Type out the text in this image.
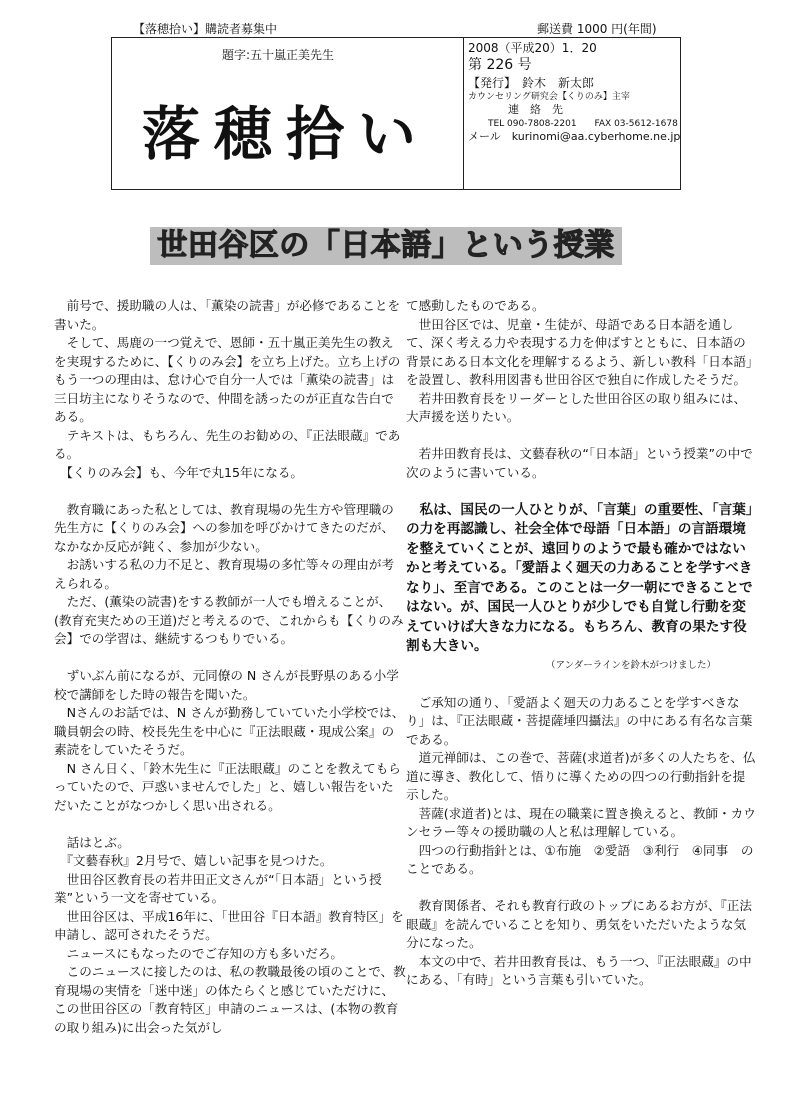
【落穂拾い】購読者募集中	郵送費 1000 円(年間)
題字:五十嵐正美先生
落穂拾い
2008（平成20）1．20
第 226 号
【発行】　鈴木　新太郎
カウンセリング研究会【くりのみ】主宰
連　絡　先
TEL 090-7808-2201　　FAX 03-5612-1678
メール　kurinomi@aa.cyberhome.ne.jp
世田谷区の「日本語」という授業

　前号で、援助職の人は、「薫染の読書」が必修であることを書いた。

　そして、馬鹿の一つ覚えで、恩師・五十嵐正美先生の教えを実現するために、【くりのみ会】を立ち上げた。立ち上げのもう一つの理由は、怠け心で自分一人では「薫染の読書」は三日坊主になりそうなので、仲間を誘ったのが正直な告白である。

　テキストは、もちろん、先生のお勧めの、『正法眼蔵』である。

　【くりのみ会】も、今年で丸15年になる。

　教育職にあった私としては、教育現場の先生方や管理職の先生方に【くりのみ会】への参加を呼びかけてきたのだが、なかなか反応が鈍く、参加が少ない。

　お誘いする私の力不足と、教育現場の多忙等々の理由が考えられる。

　ただ、(薫染の読書)をする教師が一人でも増えることが、(教育充実ための王道)だと考えるので、これからも【くりのみ会】での学習は、継続するつもりでいる。

　ずいぶん前になるが、元同僚の N さんが長野県のある小学校で講師をした時の報告を聞いた。

　Nさんのお話では、N さんが勤務していていた小学校では、職員朝会の時、校長先生を中心に『正法眼蔵・現成公案』の素読をしていたそうだ。

　N さん日く、「鈴木先生に『正法眼蔵』のことを教えてもらっていたので、戸惑いませんでした」と、嬉しい報告をいただいたことがなつかしく思い出される。

　話はとぶ。

　『文藝春秋』2月号で、嬉しい記事を見つけた。

　世田谷区教育長の若井田正文さんが“「日本語」という授業”という一文を寄せている。

　世田谷区は、平成16年に、「世田谷『日本語』教育特区」を申請し、認可されたそうだ。

　ニュースにもなったのでご存知の方も多いだろ。

　このニュースに接したのは、私の教職最後の頃のことで、教育現場の実情を「迷中迷」の体たらくと感じていただけに、この世田谷区の「教育特区」申請のニュースは、(本物の教育の取り組み)に出会った気がし

て感動したものである。

　世田谷区では、児童・生徒が、母語である日本語を通して、深く考える力や表現する力を伸ばすとともに、日本語の背景にある日本文化を理解するるよう、新しい教科「日本語」を設置し、教科用図書も世田谷区で独自に作成したそうだ。

　若井田教育長をリーダーとした世田谷区の取り組みには、大声援を送りたい。

　若井田教育長は、文藝春秋の“「日本語」という授業”の中で次のように書いている。

　私は、国民の一人ひとりが、「言葉」の重要性、「言葉」の力を再認識し、社会全体で母語「日本語」の言語環境を整えていくことが、遠回りのようで最も確かではないかと考えている。「愛語よく廻天の力あることを学すべきなり」、至言である。このことは一夕一朝にできることではない。が、国民一人ひとりが少しでも自覚し行動を変えていけば大きな力になる。もちろん、教育の果たす役割も大きい。

（アンダーラインを鈴木がつけました）

　ご承知の通り、「愛語よく廻天の力あることを学すべきなり」は、『正法眼蔵・菩提薩埵四攝法』の中にある有名な言葉である。

　道元禅師は、この巻で、菩薩(求道者)が多くの人たちを、仏道に導き、教化して、悟りに導くための四つの行動指針を提示した。

　菩薩(求道者)とは、現在の職業に置き換えると、教師・カウンセラー等々の援助職の人と私は理解している。

　四つの行動指針とは、①布施　②愛語　③利行　④同事　のことである。

　教育関係者、それも教育行政のトップにあるお方が、『正法眼蔵』を読んでいることを知り、勇気をいただいたような気分になった。

　本文の中で、若井田教育長は、もう一つ、『正法眼蔵』の中にある、「有時」という言葉も引いていた。
